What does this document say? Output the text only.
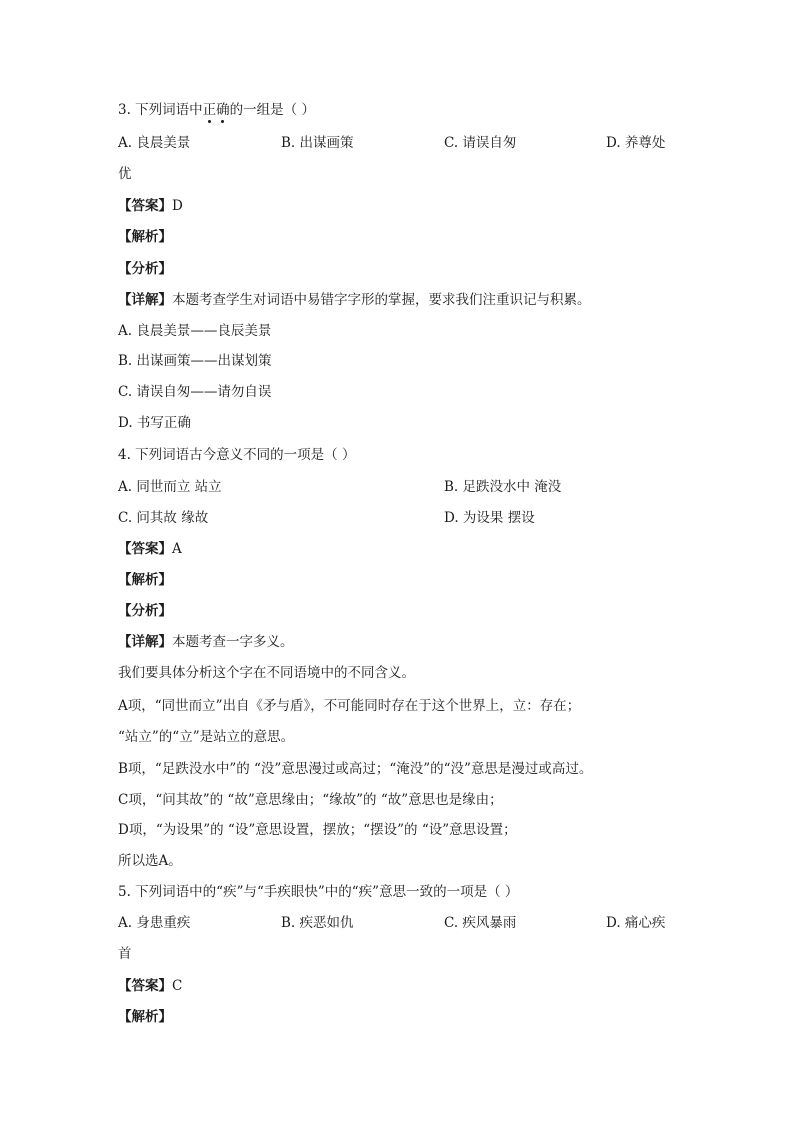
3. 下列词语中正确的一组是（ ）
A. 良晨美景	B. 出谋画策	C. 请误自匆	D. 养尊处
优
【答案】D
【解析】
【分析】
【详解】本题考查学生对词语中易错字字形的掌握，要求我们注重识记与积累。
A. 良晨美景——良辰美景
B. 出谋画策——出谋划策
C. 请误自匆——请勿自误
D. 书写正确
4. 下列词语古今意义不同的一项是（ ）
A. 同世而立 站立	B. 足跌没水中 淹没
C. 问其故 缘故	D. 为设果 摆设
【答案】A
【解析】
【分析】
【详解】本题考查一字多义。
我们要具体分析这个字在不同语境中的不同含义。
A项，“同世而立”出自《矛与盾》，不可能同时存在于这个世界上，立：存在；
“站立”的“立”是站立的意思。
B项，“足跌没水中”的 “没”意思漫过或高过；“淹没”的“没”意思是漫过或高过。
C项，“问其故”的 “故”意思缘由；“缘故”的 “故”意思也是缘由；
D项，“为设果”的 “设”意思设置，摆放；“摆设”的 “设”意思设置；
所以选A。
5. 下列词语中的“疾”与“手疾眼快”中的“疾”意思一致的一项是（ ）
A. 身患重疾	B. 疾恶如仇	C. 疾风暴雨	D. 痛心疾
首
【答案】C
【解析】
